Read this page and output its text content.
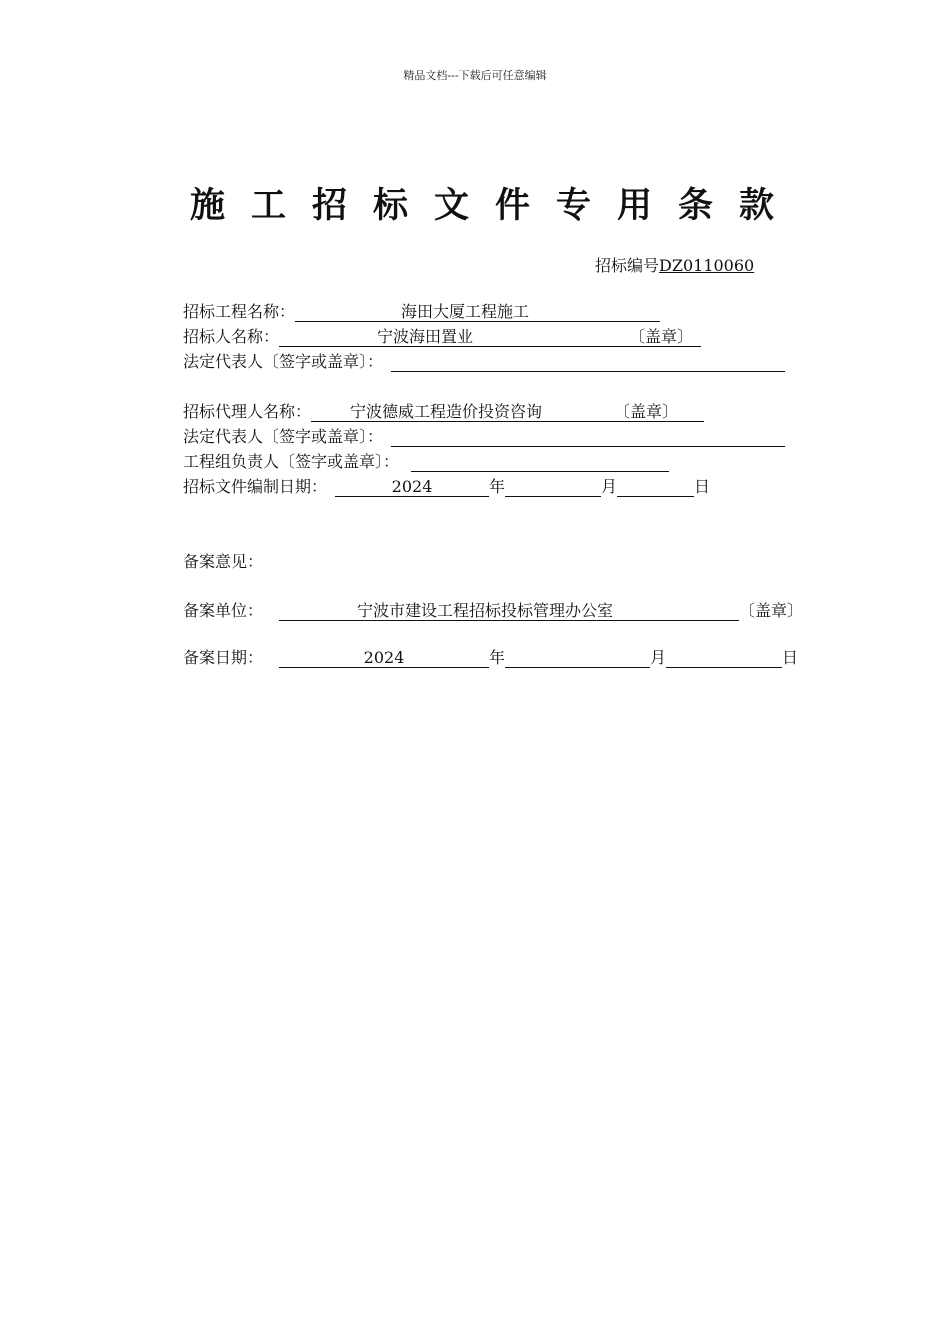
精品文档---下载后可任意编辑
施工招标文件专用条款
招标编号DZ0110060
招标工程名称：	海田大厦工程施工
招标人名称：	宁波海田置业	〔盖章〕
法定代表人〔签字或盖章〕：
招标代理人名称：	宁波德威工程造价投资咨询	〔盖章〕
法定代表人〔签字或盖章〕：
工程组负责人〔签字或盖章〕：
招标文件编制日期：	2024	年	月	日
备案意见：
备案单位：	宁波市建设工程招标投标管理办公室	〔盖章〕
备案日期：	2024	年	月	日
